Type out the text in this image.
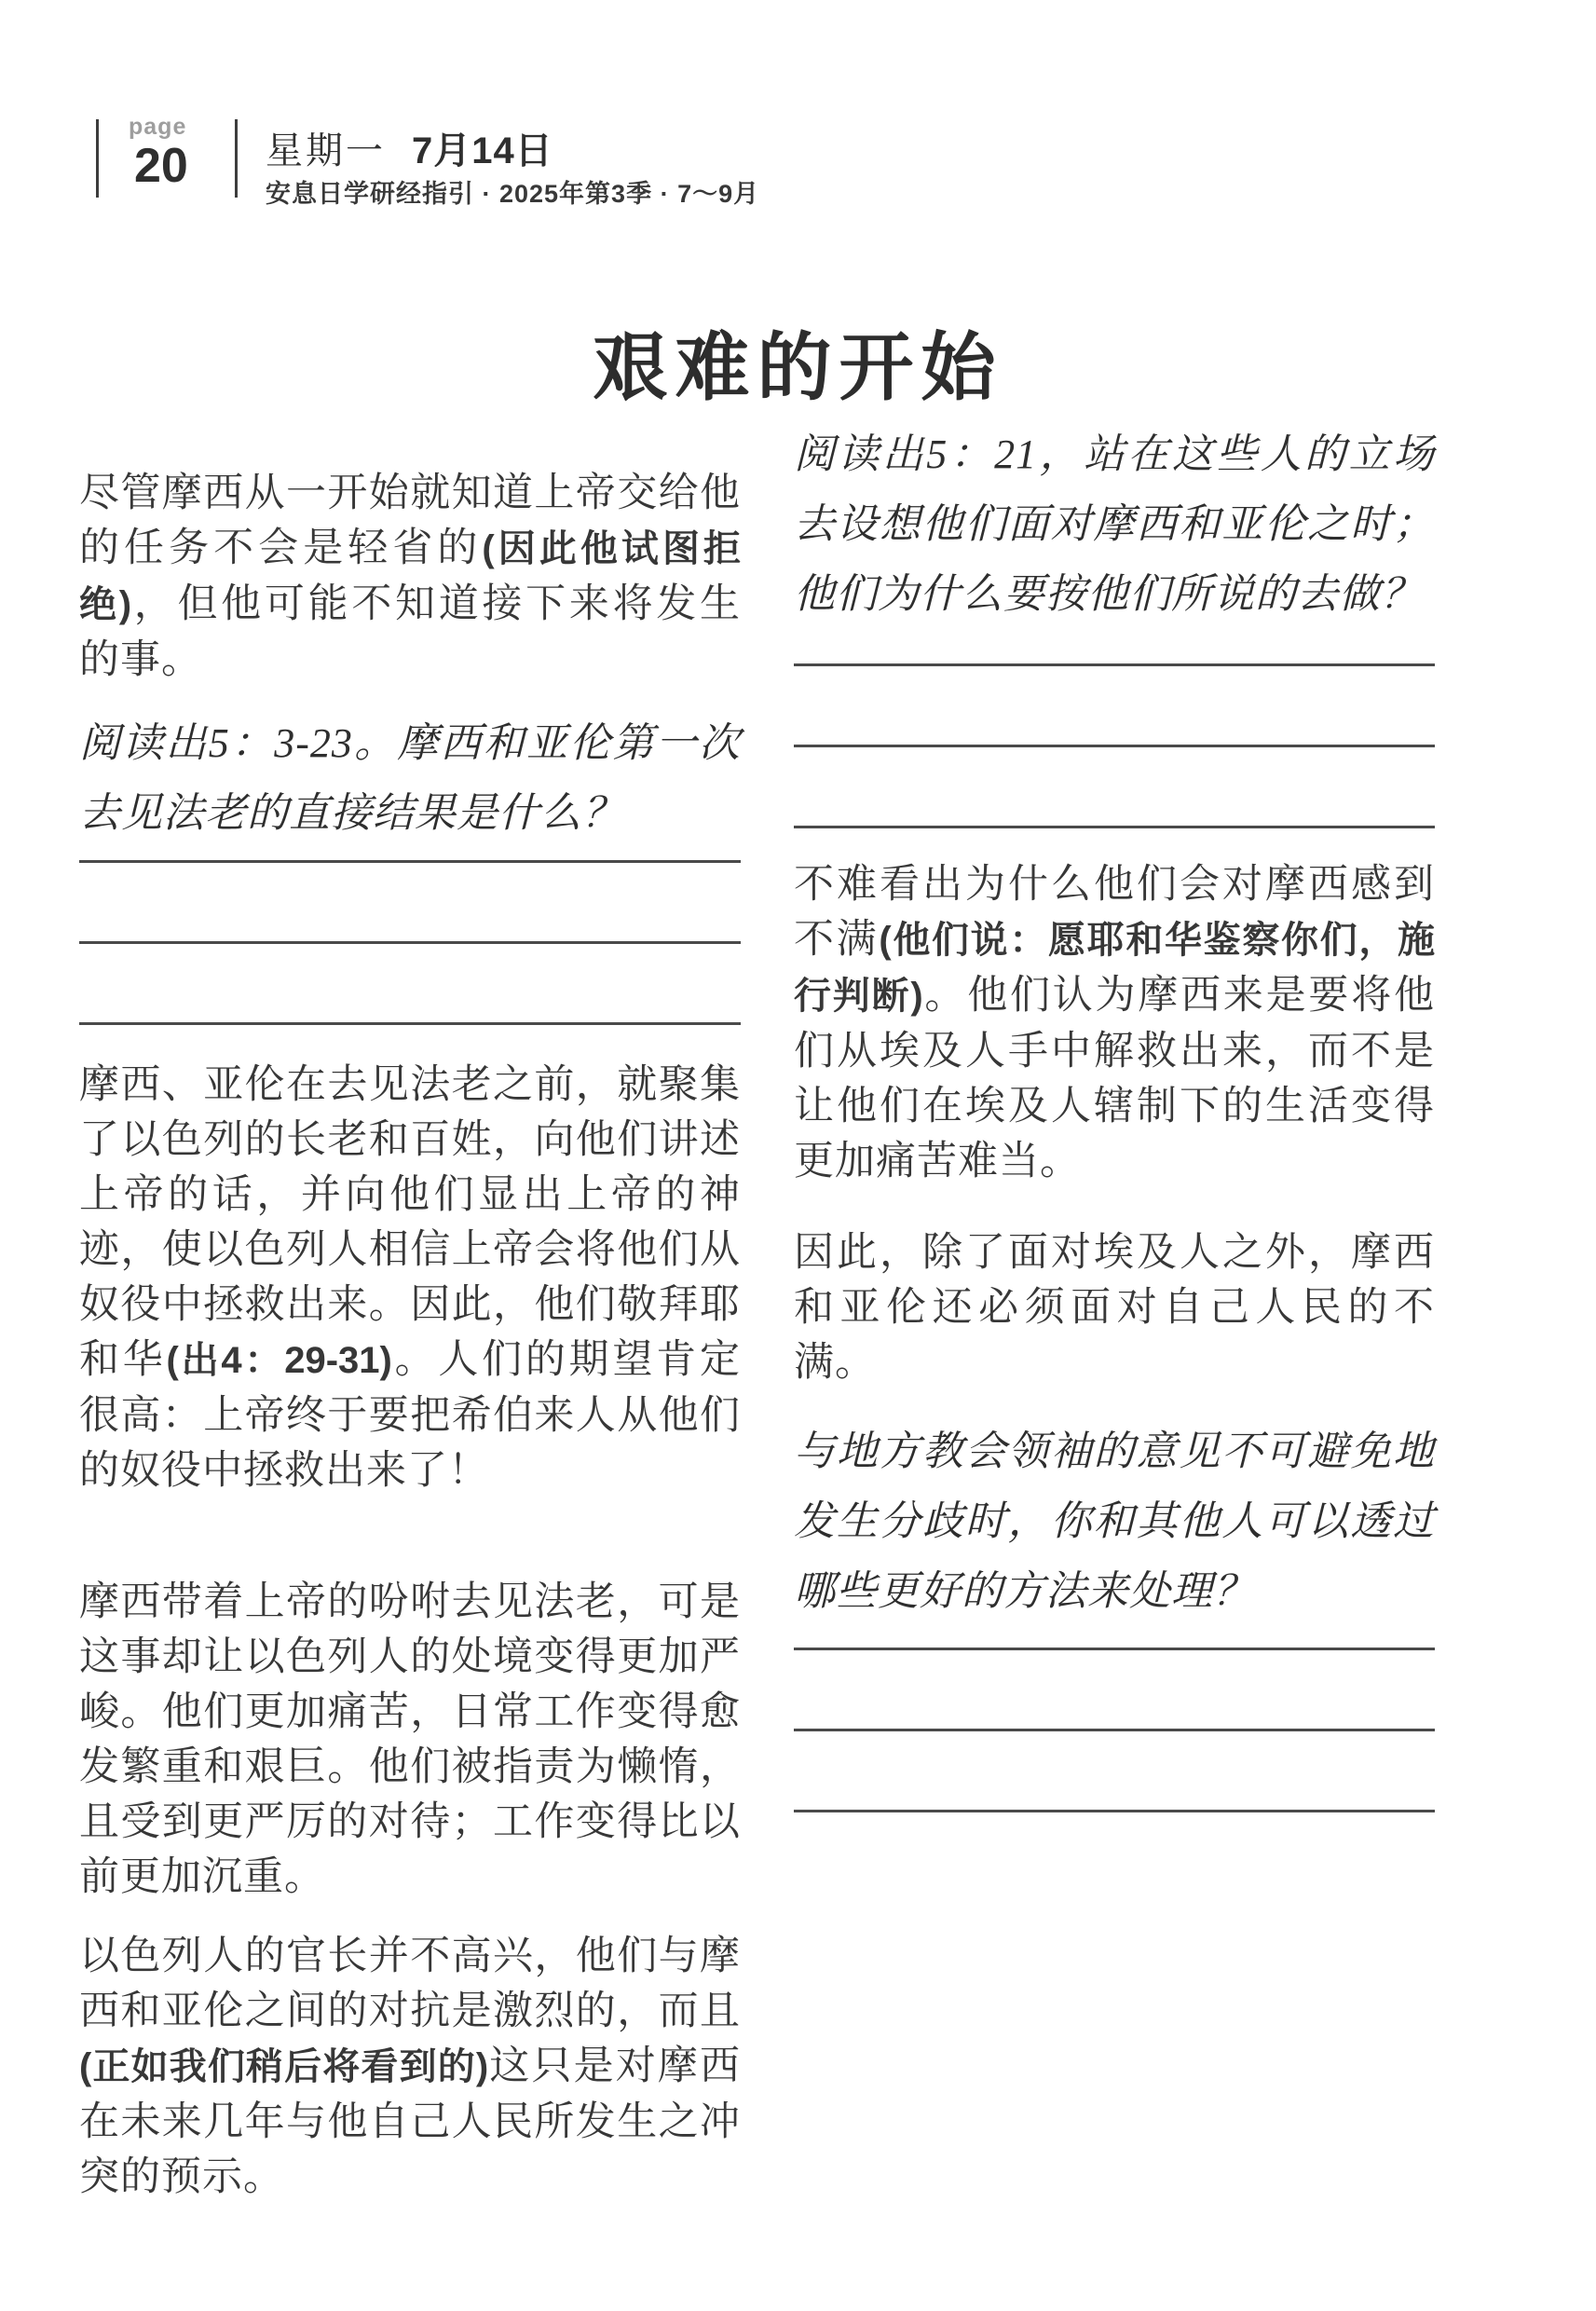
page
20	星期一 7月14日
安息日学研经指引 · 2025年第3季 · 7～9月
艰难的开始
尽管摩西从一开始就知道上帝交给他的任务不会是轻省的(因此他试图拒绝)，但他可能不知道接下来将发生的事。
阅读出5：3-23。摩西和亚伦第一次去见法老的直接结果是什么？
摩西、亚伦在去见法老之前，就聚集了以色列的长老和百姓，向他们讲述上帝的话，并向他们显出上帝的神迹，使以色列人相信上帝会将他们从奴役中拯救出来。因此，他们敬拜耶和华(出4：29-31)。人们的期望肯定很高：上帝终于要把希伯来人从他们的奴役中拯救出来了！
摩西带着上帝的吩咐去见法老，可是这事却让以色列人的处境变得更加严峻。他们更加痛苦，日常工作变得愈发繁重和艰巨。他们被指责为懒惰，且受到更严厉的对待；工作变得比以前更加沉重。
以色列人的官长并不高兴，他们与摩西和亚伦之间的对抗是激烈的，而且(正如我们稍后将看到的)这只是对摩西在未来几年与他自己人民所发生之冲突的预示。
阅读出5：21，站在这些人的立场去设想他们面对摩西和亚伦之时；他们为什么要按他们所说的去做？
不难看出为什么他们会对摩西感到不满(他们说：愿耶和华鉴察你们，施行判断)。他们认为摩西来是要将他们从埃及人手中解救出来，而不是让他们在埃及人辖制下的生活变得更加痛苦难当。
因此，除了面对埃及人之外，摩西和亚伦还必须面对自己人民的不满。
与地方教会领袖的意见不可避免地发生分歧时，你和其他人可以透过哪些更好的方法来处理？
